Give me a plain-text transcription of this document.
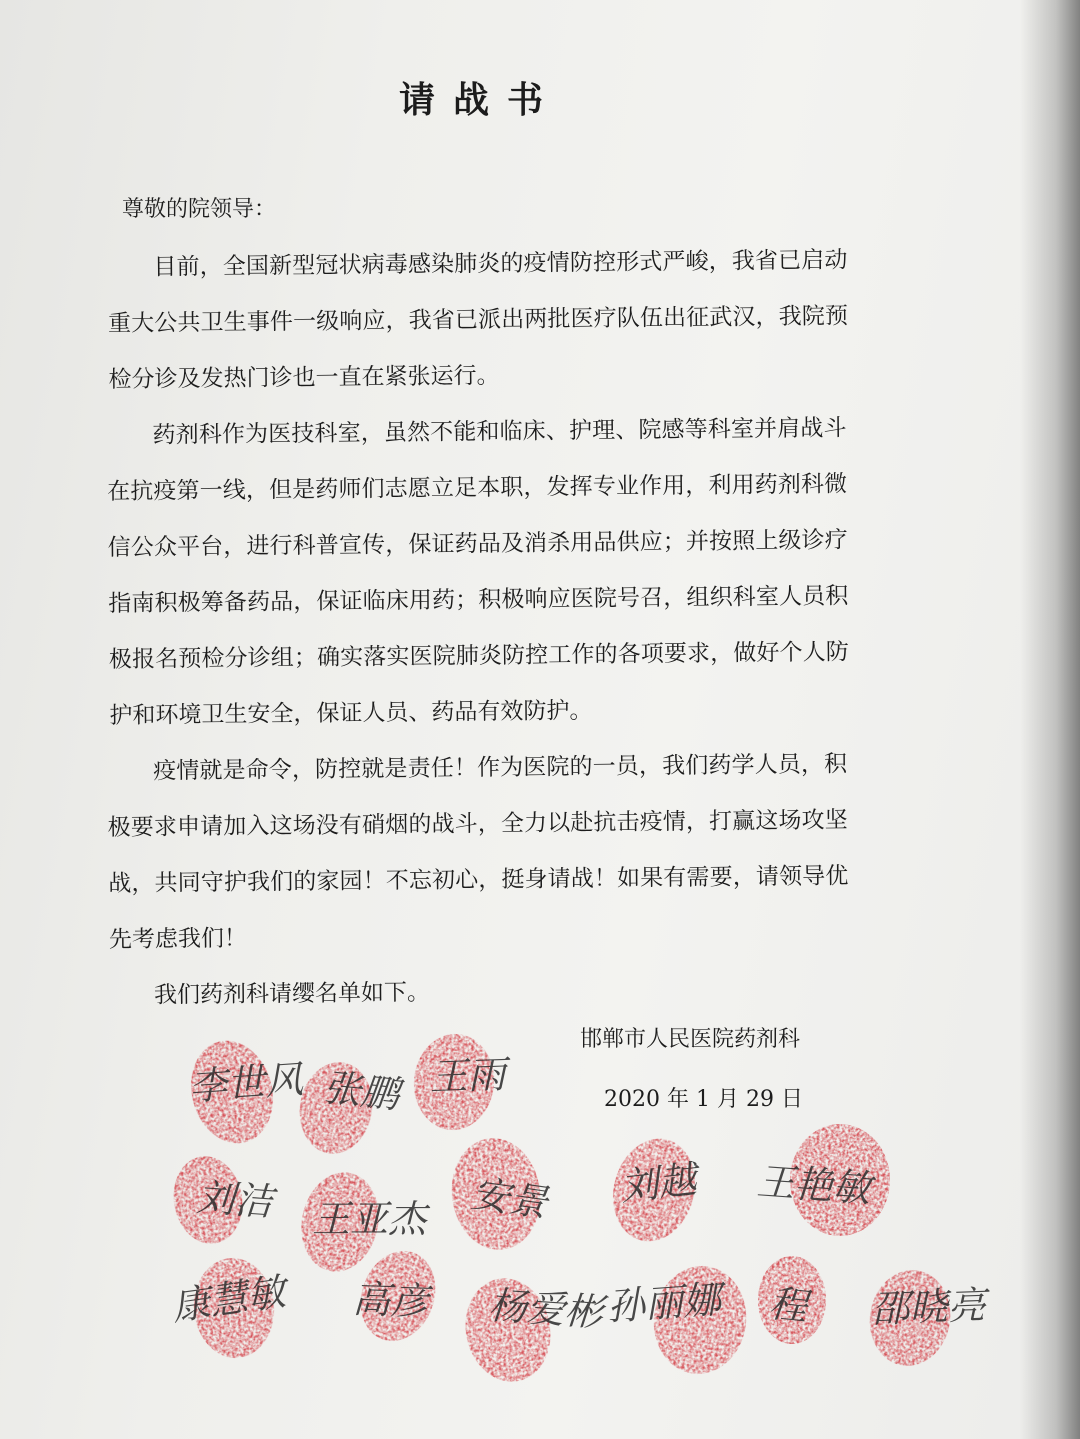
请战书
尊敬的院领导：

目前，全国新型冠状病毒感染肺炎的疫情防控形式严峻，我省已启动重大公共卫生事件一级响应，我省已派出两批医疗队伍出征武汉，我院预检分诊及发热门诊也一直在紧张运行。

药剂科作为医技科室，虽然不能和临床、护理、院感等科室并肩战斗在抗疫第一线，但是药师们志愿立足本职，发挥专业作用，利用药剂科微信公众平台，进行科普宣传，保证药品及消杀用品供应；并按照上级诊疗指南积极筹备药品，保证临床用药；积极响应医院号召，组织科室人员积极报名预检分诊组；确实落实医院肺炎防控工作的各项要求，做好个人防护和环境卫生安全，保证人员、药品有效防护。

疫情就是命令，防控就是责任！作为医院的一员，我们药学人员，积极要求申请加入这场没有硝烟的战斗，全力以赴抗击疫情，打赢这场攻坚战，共同守护我们的家园！不忘初心，挺身请战！如果有需要，请领导优先考虑我们！

我们药剂科请缨名单如下。

邯郸市人民医院药剂科
2020 年 1 月 29 日
李世风 张鹏 王雨
刘洁 王亚杰 安景 刘越 王艳敏
康慧敏 高彦 杨爱彬 孙丽娜 程 邵晓亮
